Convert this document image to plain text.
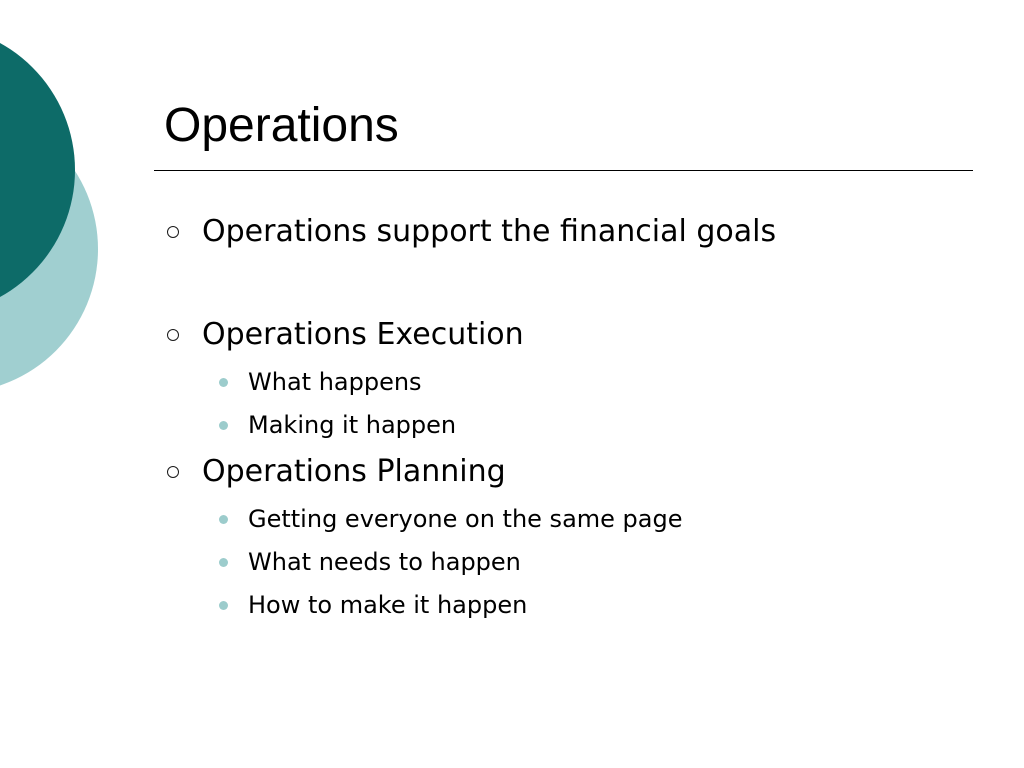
Operations
Operations support the financial goals
Operations Execution
What happens
Making it happen
Operations Planning
Getting everyone on the same page
What needs to happen
How to make it happen
